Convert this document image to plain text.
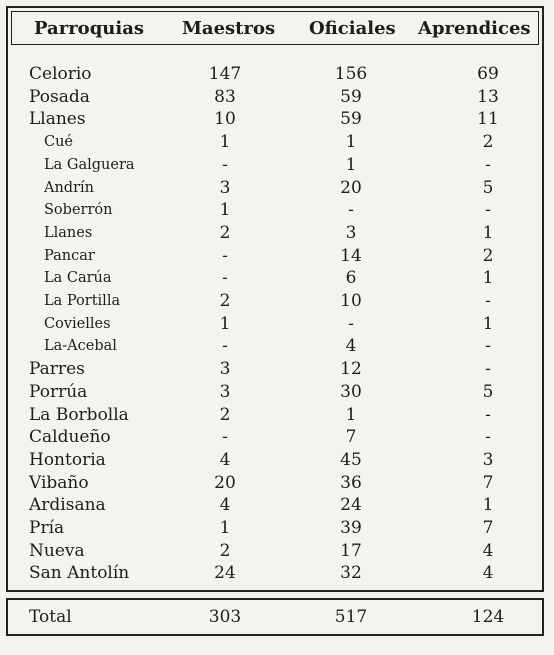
Parroquias Maestros Oficiales Aprendices
Celorio	147	156	69
Posada	83	59	13
Llanes	10	59	11
Cué	1	1	2
La Galguera	-	1	-
Andrín	3	20	5
Soberrón	1	-	-
Llanes	2	3	1
Pancar	-	14	2
La Carúa	-	6	1
La Portilla	2	10	-
Covielles	1	-	1
La-Acebal	-	4	-
Parres	3	12	-
Porrúa	3	30	5
La Borbolla	2	1	-
Caldueño	-	7	-
Hontoria	4	45	3
Vibaño	20	36	7
Ardisana	4	24	1
Pría	1	39	7
Nueva	2	17	4
San Antolín	24	32	4
Total	303	517	124
